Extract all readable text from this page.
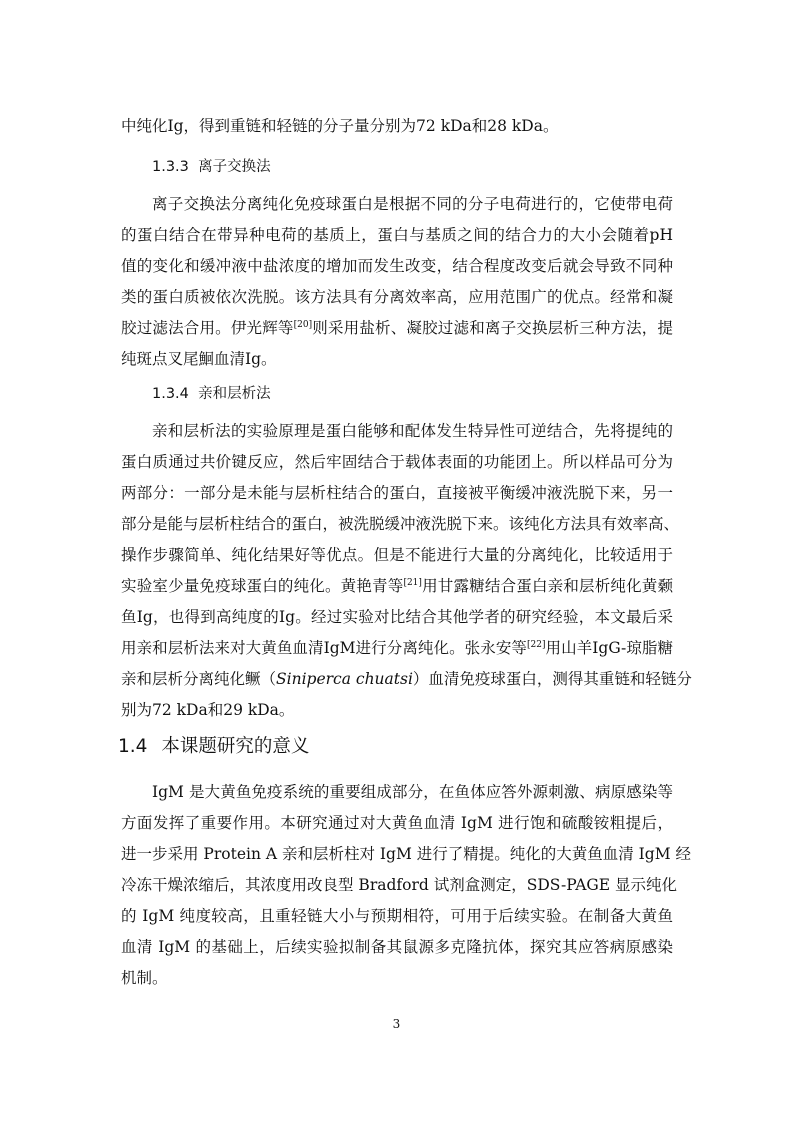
中纯化Ig，得到重链和轻链的分子量分别为72 kDa和28 kDa。
1.3.3 离子交换法
离子交换法分离纯化免疫球蛋白是根据不同的分子电荷进行的，它使带电荷
的蛋白结合在带异种电荷的基质上，蛋白与基质之间的结合力的大小会随着pH
值的变化和缓冲液中盐浓度的增加而发生改变，结合程度改变后就会导致不同种
类的蛋白质被依次洗脱。该方法具有分离效率高，应用范围广的优点。经常和凝
胶过滤法合用。伊光辉等[20]则采用盐析、凝胶过滤和离子交换层析三种方法，提
纯斑点叉尾鮰血清Ig。
1.3.4 亲和层析法
亲和层析法的实验原理是蛋白能够和配体发生特异性可逆结合，先将提纯的
蛋白质通过共价键反应，然后牢固结合于载体表面的功能团上。所以样品可分为
两部分：一部分是未能与层析柱结合的蛋白，直接被平衡缓冲液洗脱下来，另一
部分是能与层析柱结合的蛋白，被洗脱缓冲液洗脱下来。该纯化方法具有效率高、
操作步骤简单、纯化结果好等优点。但是不能进行大量的分离纯化，比较适用于
实验室少量免疫球蛋白的纯化。黄艳青等[21]用甘露糖结合蛋白亲和层析纯化黄颡
鱼Ig，也得到高纯度的Ig。经过实验对比结合其他学者的研究经验，本文最后采
用亲和层析法来对大黄鱼血清IgM进行分离纯化。张永安等[22]用山羊IgG-琼脂糖
亲和层析分离纯化鳜（Siniperca chuatsi）血清免疫球蛋白，测得其重链和轻链分
别为72 kDa和29 kDa。
1.4 本课题研究的意义
IgM 是大黄鱼免疫系统的重要组成部分，在鱼体应答外源刺激、病原感染等
方面发挥了重要作用。本研究通过对大黄鱼血清 IgM 进行饱和硫酸铵粗提后，
进一步采用 Protein A 亲和层析柱对 IgM 进行了精提。纯化的大黄鱼血清 IgM 经
冷冻干燥浓缩后，其浓度用改良型 Bradford 试剂盒测定，SDS-PAGE 显示纯化
的 IgM 纯度较高，且重轻链大小与预期相符，可用于后续实验。在制备大黄鱼
血清 IgM 的基础上，后续实验拟制备其鼠源多克隆抗体，探究其应答病原感染
机制。
3
